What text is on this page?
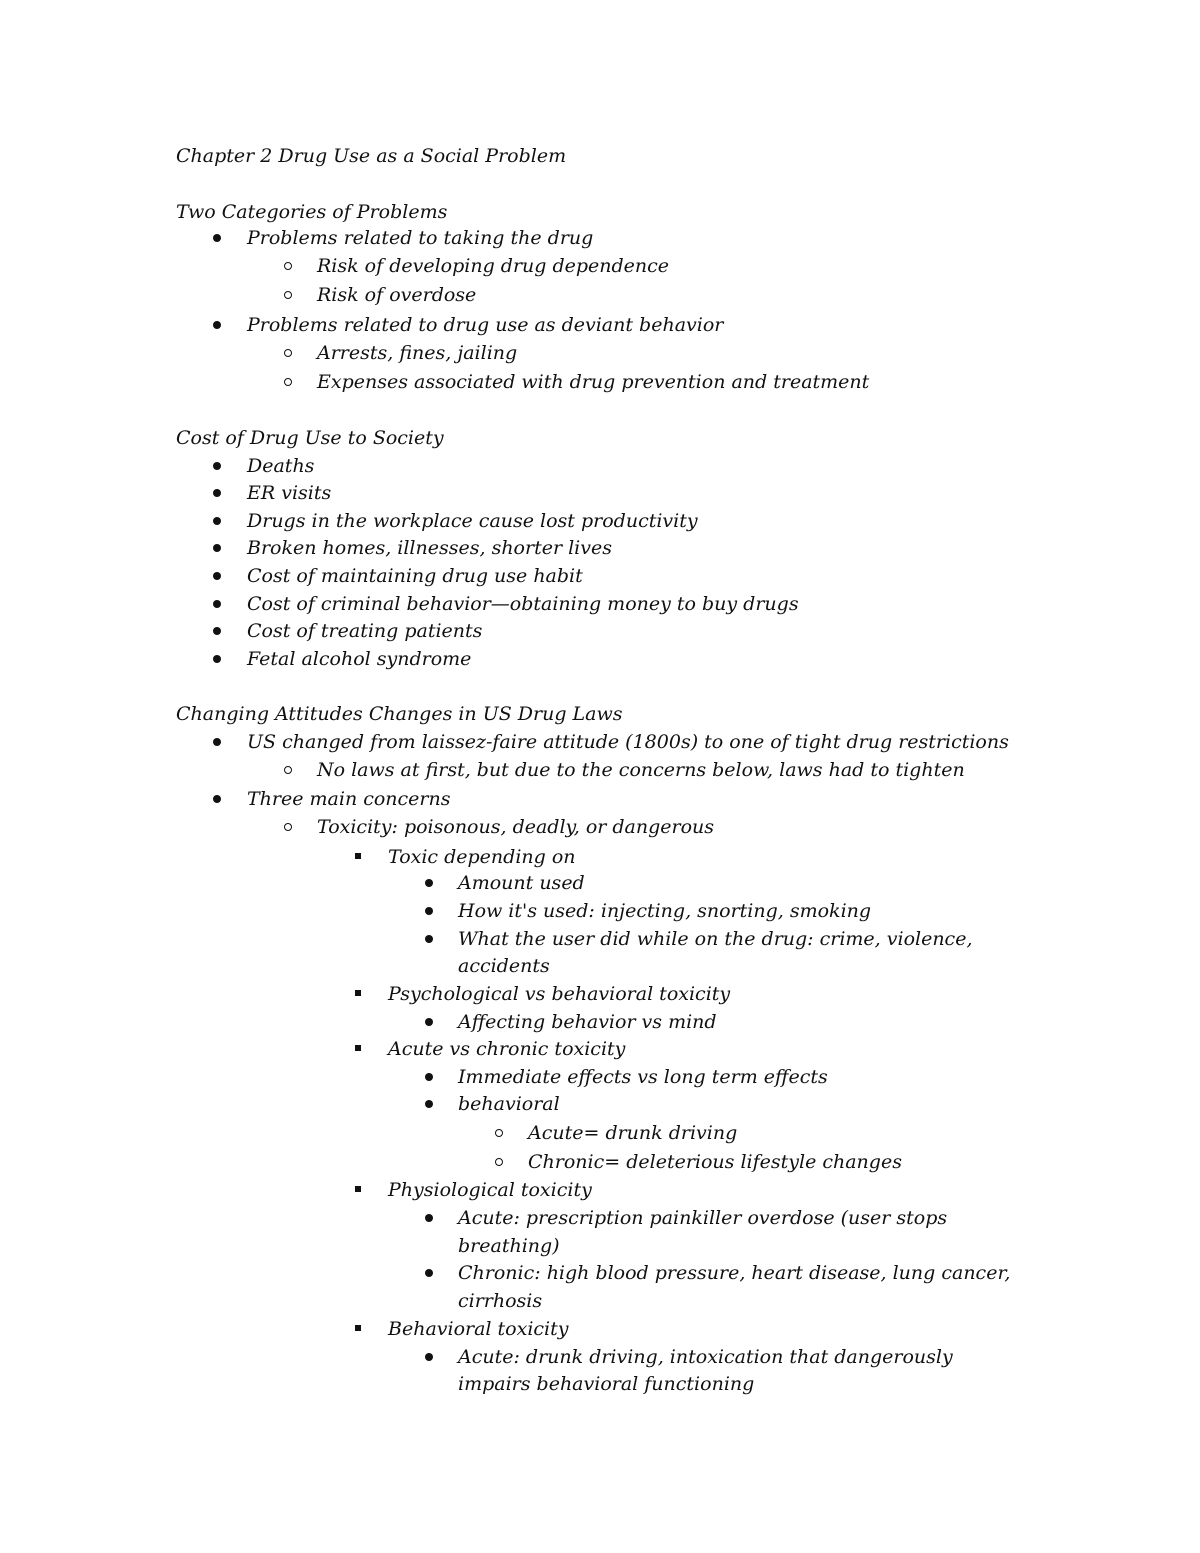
Chapter 2 Drug Use as a Social Problem
Two Categories of Problems
Problems related to taking the drug
Risk of developing drug dependence
Risk of overdose
Problems related to drug use as deviant behavior
Arrests, fines, jailing
Expenses associated with drug prevention and treatment
Cost of Drug Use to Society
Deaths
ER visits
Drugs in the workplace cause lost productivity
Broken homes, illnesses, shorter lives
Cost of maintaining drug use habit
Cost of criminal behavior—obtaining money to buy drugs
Cost of treating patients
Fetal alcohol syndrome
Changing Attitudes Changes in US Drug Laws
US changed from laissez-faire attitude (1800s) to one of tight drug restrictions
No laws at first, but due to the concerns below, laws had to tighten
Three main concerns
Toxicity: poisonous, deadly, or dangerous
Toxic depending on
Amount used
How it's used: injecting, snorting, smoking
What the user did while on the drug: crime, violence,
accidents
Psychological vs behavioral toxicity
Affecting behavior vs mind
Acute vs chronic toxicity
Immediate effects vs long term effects
behavioral
Acute= drunk driving
Chronic= deleterious lifestyle changes
Physiological toxicity
Acute: prescription painkiller overdose (user stops
breathing)
Chronic: high blood pressure, heart disease, lung cancer,
cirrhosis
Behavioral toxicity
Acute: drunk driving, intoxication that dangerously
impairs behavioral functioning
